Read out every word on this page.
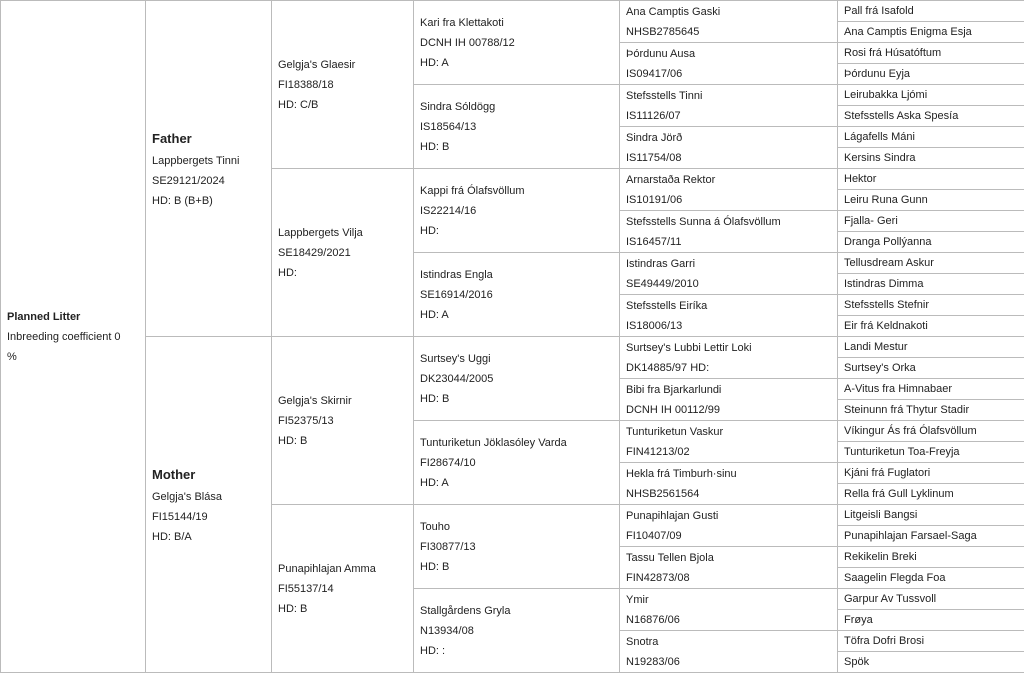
Planned Litter
Inbreeding coefficient 0
%	Father
Lappbergets Tinni
SE29121/2024
HD: B (B+B)	Gelgja's Glaesir
FI18388/18
HD: C/B	Kari fra Klettakoti
DCNH IH 00788/12
HD: A	Ana Camptis Gaski
NHSB2785645	Pall frá Isafold
					Ana Camptis Enigma Esja

				Þórdunu Ausa
IS09417/06	Rosi frá Húsatóftum
					Þórdunu Eyja

			Sindra Sóldögg
IS18564/13
HD: B	Stefsstells Tinni
IS11126/07	Leirubakka Ljómi
					Stefsstells Aska Spesía

				Sindra Jörð
IS11754/08	Lágafells Máni
					Kersins Sindra

		Lappbergets Vilja
SE18429/2021
HD:	Kappi frá Ólafsvöllum
IS22214/16
HD:	Arnarstaða Rektor
IS10191/06	Hektor
					Leiru Runa Gunn

				Stefsstells Sunna á Ólafsvöllum
IS16457/11	Fjalla- Geri
					Dranga Pollýanna

			Istindras Engla
SE16914/2016
HD: A	Istindras Garri
SE49449/2010	Tellusdream Askur
					Istindras Dimma

				Stefsstells Eiríka
IS18006/13	Stefsstells Stefnir
					Eir frá Keldnakoti

	Mother
Gelgja's Blása
FI15144/19
HD: B/A	Gelgja's Skirnir
FI52375/13
HD: B	Surtsey's Uggi
DK23044/2005
HD: B	Surtsey's Lubbi Lettir Loki
DK14885/97 HD:	Landi Mestur
					Surtsey's Orka

				Bibi fra Bjarkarlundi
DCNH IH 00112/99	A-Vitus fra Himnabaer
					Steinunn frá Thytur Stadir

			Tunturiketun Jöklasóley Varda
FI28674/10
HD: A	Tunturiketun Vaskur
FIN41213/02	Víkingur Ás frá Ólafsvöllum
					Tunturiketun Toa-Freyja

				Hekla frá Timburh·sinu
NHSB2561564	Kjáni frá Fuglatori
					Rella frá Gull Lyklinum

		Punapihlajan Amma
FI55137/14
HD: B	Touho
FI30877/13
HD: B	Punapihlajan Gusti
FI10407/09	Litgeisli Bangsi
					Punapihlajan Farsael-Saga

				Tassu Tellen Bjola
FIN42873/08	Rekikelin Breki
					Saagelin Flegda Foa

			Stallgårdens Gryla
N13934/08
HD: :	Ymir
N16876/06	Garpur Av Tussvoll
					Frøya

				Snotra
N19283/06	Töfra Dofri Brosi
					Spök
